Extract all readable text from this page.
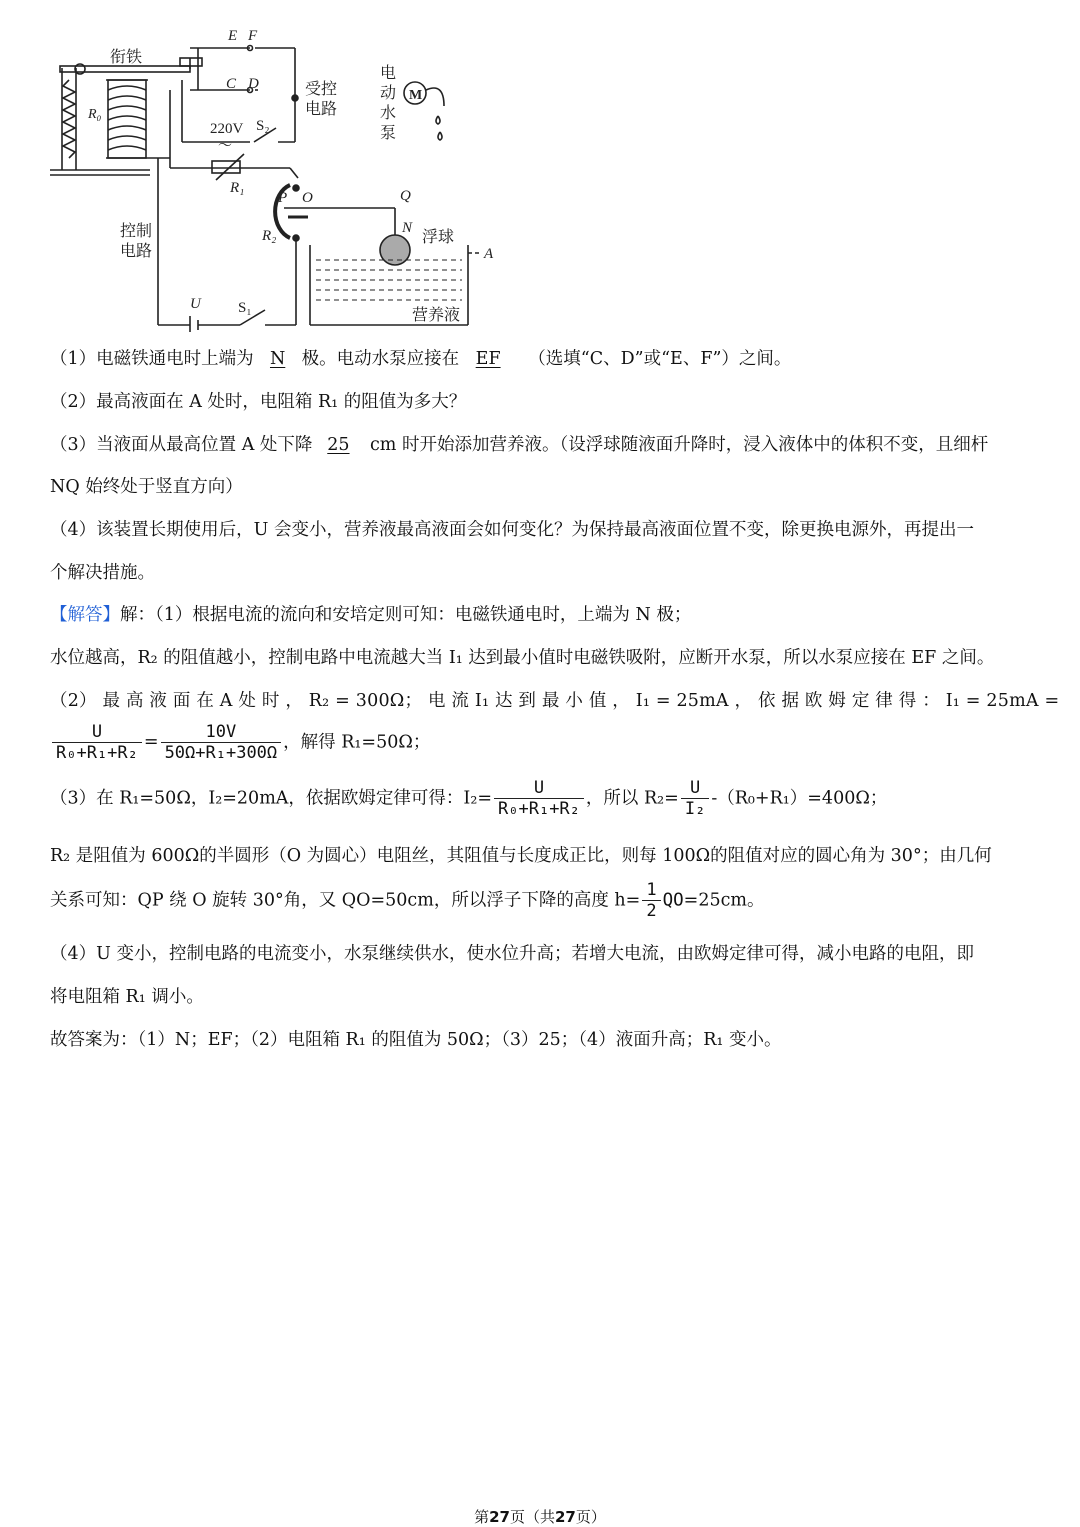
衔铁
E F
C D	受控
电路
220V
～
S₂
R₀
R₁
R₂
P O	Q
N
浮球
A
控制
电路
U S₁	营养液
电
动
水
泵
M
（1）电磁铁通电时上端为 N 极。电动水泵应接在 EF （选填“C、D”或“E、F”）之间。
（2）最高液面在 A 处时，电阻箱 R₁ 的阻值为多大？
（3）当液面从最高位置 A 处下降 25 cm 时开始添加营养液。（设浮球随液面升降时，浸入液体中的体积不变，且细杆
NQ 始终处于竖直方向）
（4）该装置长期使用后，U 会变小，营养液最高液面会如何变化？为保持最高液面位置不变，除更换电源外，再提出一
个解决措施。
【解答】解：（1）根据电流的流向和安培定则可知：电磁铁通电时，上端为 N 极；
水位越高，R₂ 的阻值越小，控制电路中电流越大当 I₁ 达到最小值时电磁铁吸附，应断开水泵，所以水泵应接在 EF 之间。
（2） 最 高 液 面 在 A 处 时 ， R₂ = 300Ω； 电 流 I₁ 达 到 最 小 值 ， I₁ = 25mA ， 依 据 欧 姆 定 律 得 ： I₁ = 25mA =
$\frac{U}{\text{R₀+R₁+R₂}} = \frac{10V}{\text{50Ω+R₁+300Ω}}$ ，解得 R₁=50Ω；
（3）在 R₁=50Ω，I₂=20mA，依据欧姆定律可得：$I_2= \frac{U}{\text{R₀+R₁+R₂}}$ ，所以 $R_2= \frac{U}{\text{I₂}} -(R_0+R_1)=400\Omega$；
R₂ 是阻值为 600Ω的半圆形（O 为圆心）电阻丝，其阻值与长度成正比，则每 100Ω的阻值对应的圆心角为 30°；由几何
关系可知：QP 绕 O 旋转 30°角，又 QO=50cm，所以浮子下降的高度 $h= \frac{1}{2} QO=25cm$。
（4）U 变小，控制电路的电流变小，水泵继续供水，使水位升高；若增大电流，由欧姆定律可得，减小电路的电阻，即
将电阻箱 R₁ 调小。
故答案为：（1）N；EF；（2）电阻箱 R₁ 的阻值为 50Ω；（3）25；（4）液面升高；R₁ 变小。
第27页（共27页）
